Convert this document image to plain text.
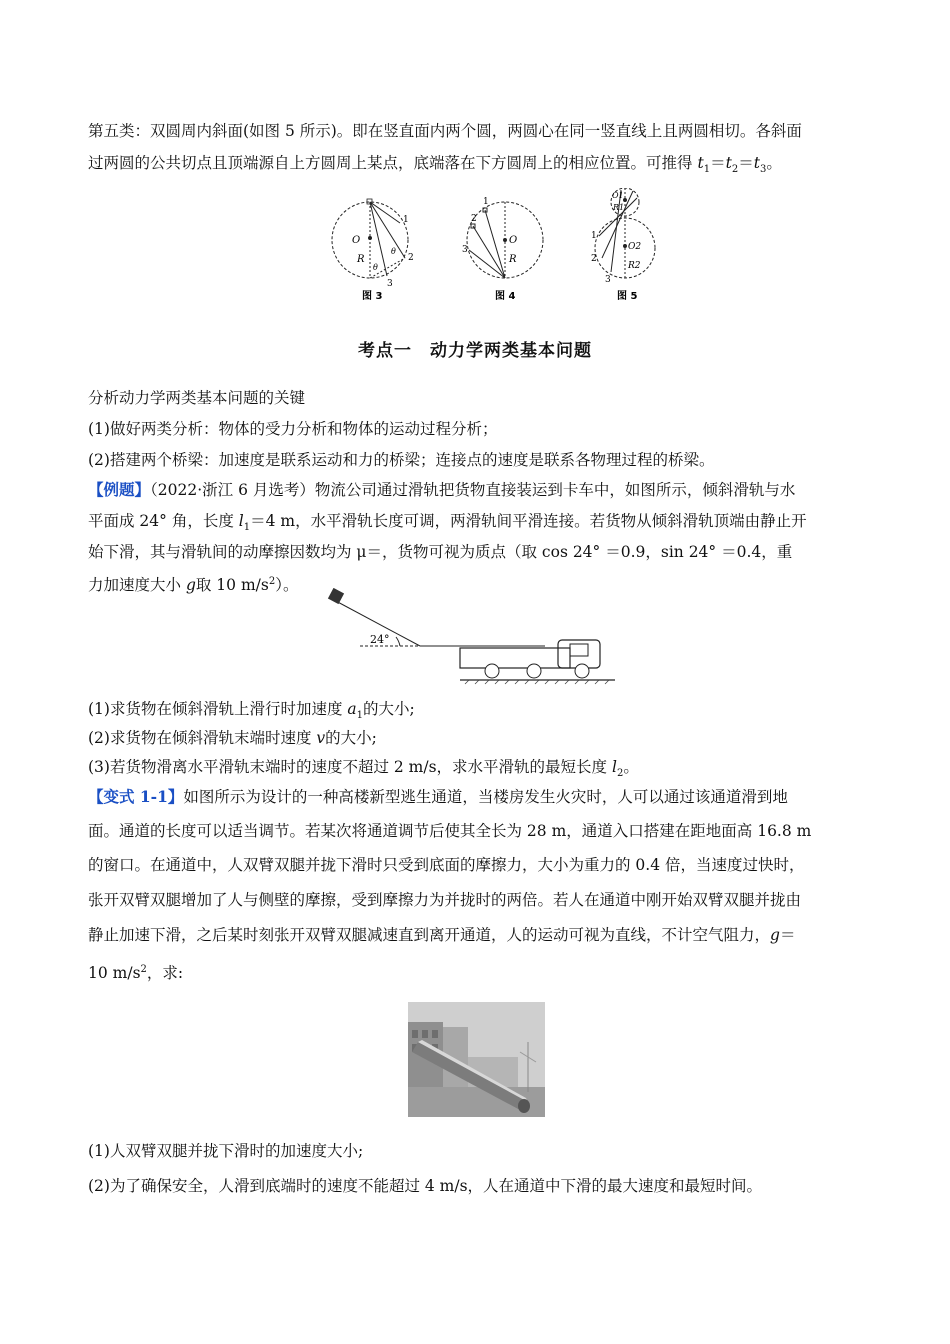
第五类：双圆周内斜面(如图 5 所示)。即在竖直面内两个圆，两圆心在同一竖直线上且两圆相切。各斜面
过两圆的公共切点且顶端源自上方圆周上某点，底端落在下方圆周上的相应位置。可推得 $t_1=t_2=t_3$。
O
R
θ
θ
1
2
3
图 3
1
2
3
O
R
图 4
O1
R1
1
2
3
O2
R2
图 5
考点一　动力学两类基本问题
分析动力学两类基本问题的关键
(1)做好两类分析：物体的受力分析和物体的运动过程分析；
(2)搭建两个桥梁：加速度是联系运动和力的桥梁；连接点的速度是联系各物理过程的桥梁。
【例题】（2022·浙江 6 月选考）物流公司通过滑轨把货物直接装运到卡车中，如图所示，倾斜滑轨与水
平面成 24° 角，长度 $l_1=4$ m，水平滑轨长度可调，两滑轨间平滑连接。若货物从倾斜滑轨顶端由静止开
始下滑，其与滑轨间的动摩擦因数均为 μ＝，货物可视为质点（取 cos 24° ＝0.9，sin 24° ＝0.4，重
力加速度大小 g取 10 $m/s^2$）。
24°
(1)求货物在倾斜滑轨上滑行时加速度 $a_1$的大小;
(2)求货物在倾斜滑轨末端时速度 v的大小;
(3)若货物滑离水平滑轨末端时的速度不超过 2 m/s，求水平滑轨的最短长度 $l_2$。
【变式 1-1】如图所示为设计的一种高楼新型逃生通道，当楼房发生火灾时，人可以通过该通道滑到地
面。通道的长度可以适当调节。若某次将通道调节后使其全长为 28 m，通道入口搭建在距地面高 16.8 m
的窗口。在通道中，人双臂双腿并拢下滑时只受到底面的摩擦力，大小为重力的 0.4 倍，当速度过快时，
张开双臂双腿增加了人与侧壁的摩擦，受到摩擦力为并拢时的两倍。若人在通道中刚开始双臂双腿并拢由
静止加速下滑，之后某时刻张开双臂双腿减速直到离开通道，人的运动可视为直线，不计空气阻力，g＝
10 $m/s^2$，求:
(1)人双臂双腿并拢下滑时的加速度大小;
(2)为了确保安全，人滑到底端时的速度不能超过 4 m/s，人在通道中下滑的最大速度和最短时间。
